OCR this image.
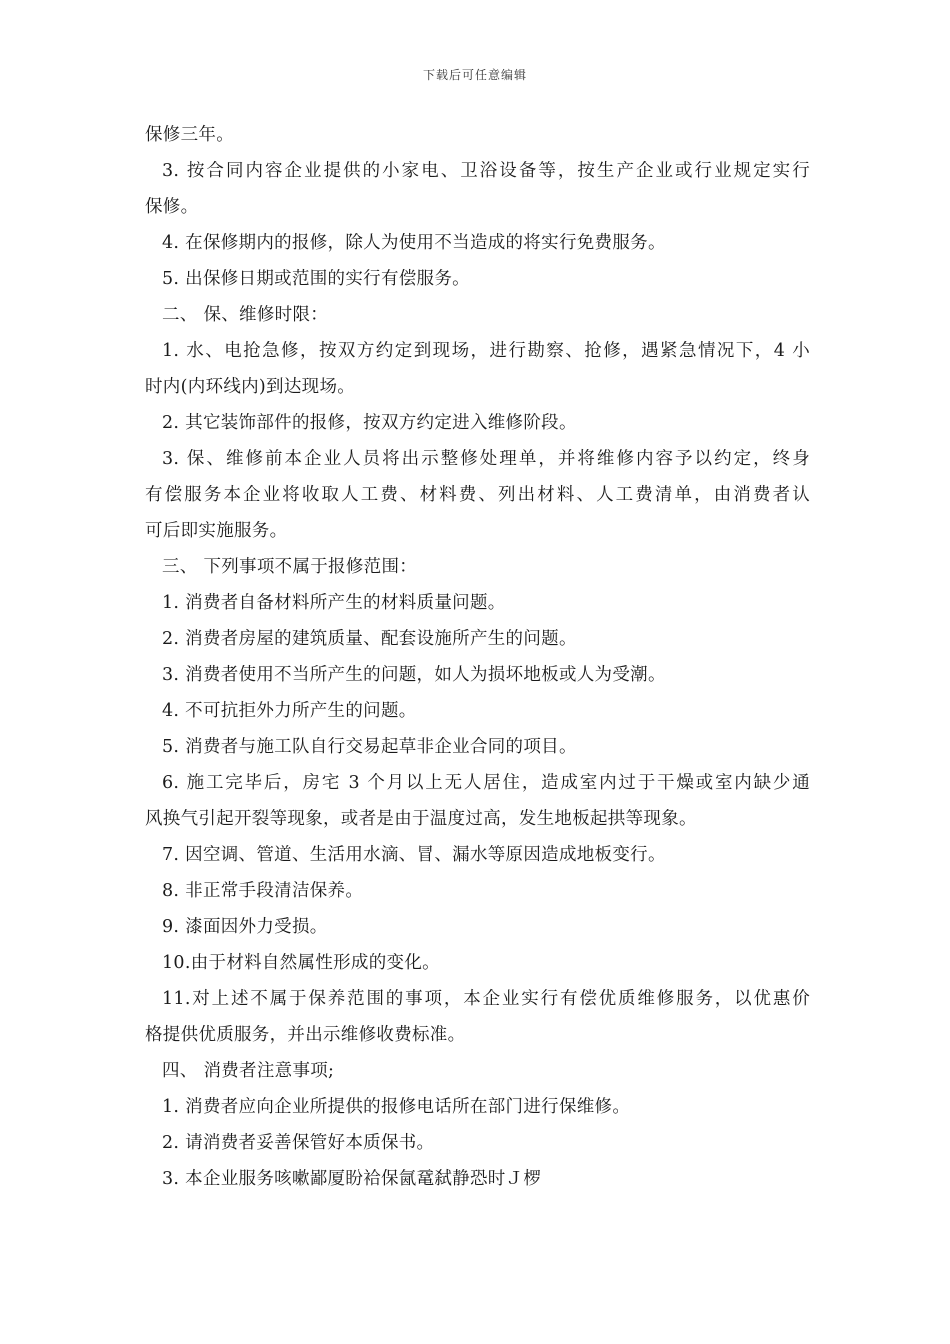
下载后可任意编辑
保修三年。
3. 按合同内容企业提供的小家电、卫浴设备等，按生产企业或行业规定实行
保修。
4. 在保修期内的报修，除人为使用不当造成的将实行免费服务。
5. 出保修日期或范围的实行有偿服务。
二、 保、维修时限：
1. 水、电抢急修，按双方约定到现场，进行勘察、抢修，遇紧急情况下，4 小
时内(内环线内)到达现场。
2. 其它装饰部件的报修，按双方约定进入维修阶段。
3. 保、维修前本企业人员将出示整修处理单，并将维修内容予以约定，终身
有偿服务本企业将收取人工费、材料费、列出材料、人工费清单，由消费者认
可后即实施服务。
三、 下列事项不属于报修范围：
1. 消费者自备材料所产生的材料质量问题。
2. 消费者房屋的建筑质量、配套设施所产生的问题。
3. 消费者使用不当所产生的问题，如人为损坏地板或人为受潮。
4. 不可抗拒外力所产生的问题。
5. 消费者与施工队自行交易起草非企业合同的项目。
6. 施工完毕后，房宅 3 个月以上无人居住，造成室内过于干燥或室内缺少通
风换气引起开裂等现象，或者是由于温度过高，发生地板起拱等现象。
7. 因空调、管道、生活用水滴、冒、漏水等原因造成地板变行。
8. 非正常手段清洁保养。
9. 漆面因外力受损。
10.由于材料自然属性形成的变化。
11.对上述不属于保养范围的事项，本企业实行有偿优质维修服务，以优惠价
格提供优质服务，并出示维修收费标准。
四、 消费者注意事项;
1. 消费者应向企业所提供的报修电话所在部门进行保维修。
2. 请消费者妥善保管好本质保书。
3. 本企业服务咳嗽鄙厦盼袷保氤鼋弑静恐时Ｊ椤
